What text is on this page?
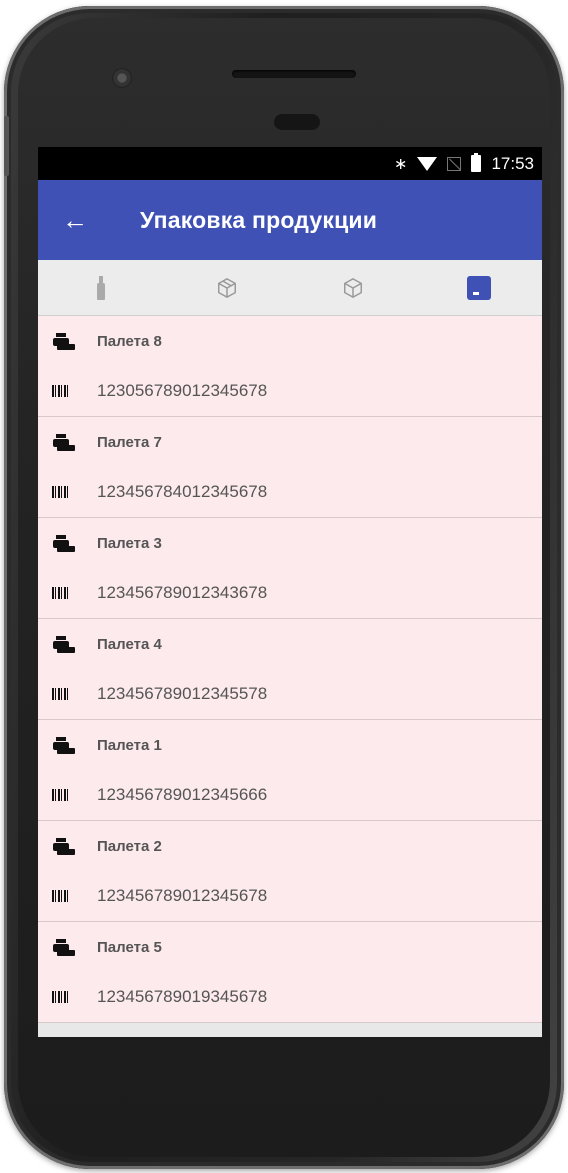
∗	17:53
← Упаковка продукции
Палета 8
123056789012345678
Палета 7
123456784012345678
Палета 3
123456789012343678
Палета 4
123456789012345578
Палета 1
123456789012345666
Палета 2
123456789012345678
Палета 5
123456789019345678
